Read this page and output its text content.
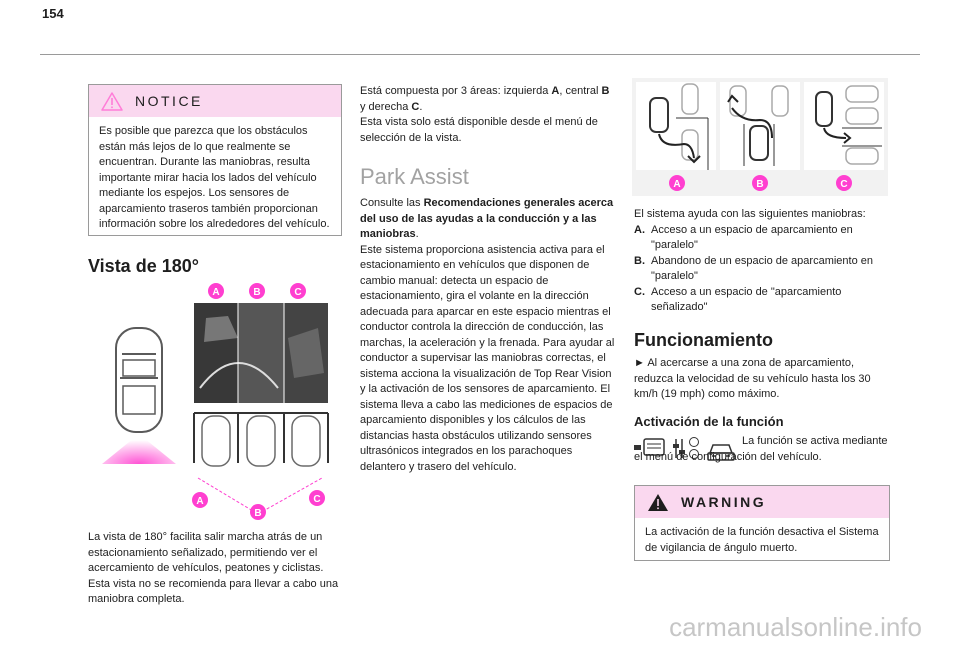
154
NOTICE
Es posible que parezca que los obstáculos están más lejos de lo que realmente se encuentran. Durante las maniobras, resulta importante mirar hacia los lados del vehículo mediante los espejos. Los sensores de aparcamiento traseros también proporcionan información sobre los alrededores del vehículo.
Vista de 180°
A	B	C
A
B
C

La vista de 180° facilita salir marcha atrás de un estacionamiento señalizado, permitiendo ver el acercamiento de vehículos, peatones y ciclistas. Esta vista no se recomienda para llevar a cabo una maniobra completa.

Está compuesta por 3 áreas: izquierda A, central B y derecha C.

Esta vista solo está disponible desde el menú de selección de la vista.

Park Assist

Consulte las Recomendaciones generales acerca del uso de las ayudas a la conducción y a las maniobras.

Este sistema proporciona asistencia activa para el estacionamiento en vehículos que disponen de cambio manual: detecta un espacio de estacionamiento, gira el volante en la dirección adecuada para aparcar en este espacio mientras el conductor controla la dirección de conducción, las marchas, la aceleración y la frenada. Para ayudar al conductor a supervisar las maniobras correctas, el sistema acciona la visualización de Top Rear Vision y la activación de los sensores de aparcamiento. El sistema lleva a cabo las mediciones de espacios de aparcamiento disponibles y los cálculos de las distancias hasta obstáculos utilizando sensores ultrasónicos integrados en los parachoques delantero y trasero del vehículo.

A	B	C

El sistema ayuda con las siguientes maniobras:

A. Acceso a un espacio de aparcamiento en "paralelo"
B. Abandono de un espacio de aparcamiento en "paralelo"
C. Acceso a un espacio de "aparcamiento señalizado"
Funcionamiento

► Al acercarse a una zona de aparcamiento, reduzca la velocidad de su vehículo hasta los 30 km/h (19 mph) como máximo.

Activación de la función

La función se activa mediante el menú de configuración del vehículo.

WARNING
La activación de la función desactiva el Sistema de vigilancia de ángulo muerto.
carmanualsonline.info
